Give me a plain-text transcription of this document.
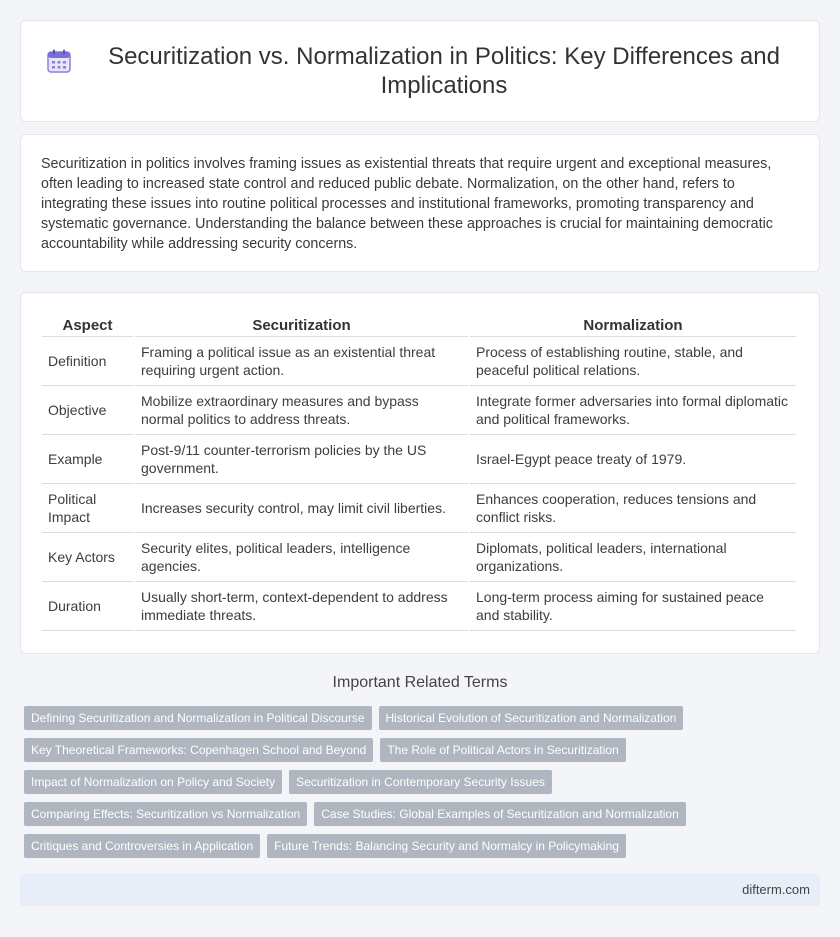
Securitization vs. Normalization in Politics: Key Differences and Implications

Securitization in politics involves framing issues as existential threats that require urgent and exceptional measures, often leading to increased state control and reduced public debate. Normalization, on the other hand, refers to integrating these issues into routine political processes and institutional frameworks, promoting transparency and systematic governance. Understanding the balance between these approaches is crucial for maintaining democratic accountability while addressing security concerns.

Aspect	Securitization	Normalization
Definition	Framing a political issue as an existential threat requiring urgent action.	Process of establishing routine, stable, and peaceful political relations.
Objective	Mobilize extraordinary measures and bypass normal politics to address threats.	Integrate former adversaries into formal diplomatic and political frameworks.
Example	Post-9/11 counter-terrorism policies by the US government.	Israel-Egypt peace treaty of 1979.
Political Impact	Increases security control, may limit civil liberties.	Enhances cooperation, reduces tensions and conflict risks.
Key Actors	Security elites, political leaders, intelligence agencies.	Diplomats, political leaders, international organizations.
Duration	Usually short-term, context-dependent to address immediate threats.	Long-term process aiming for sustained peace and stability.
Important Related Terms
Defining Securitization and Normalization in Political Discourse	Historical Evolution of Securitization and Normalization
Key Theoretical Frameworks: Copenhagen School and Beyond	The Role of Political Actors in Securitization
Impact of Normalization on Policy and Society	Securitization in Contemporary Security Issues
Comparing Effects: Securitization vs Normalization	Case Studies: Global Examples of Securitization and Normalization
Critiques and Controversies in Application	Future Trends: Balancing Security and Normalcy in Policymaking
difterm.com
